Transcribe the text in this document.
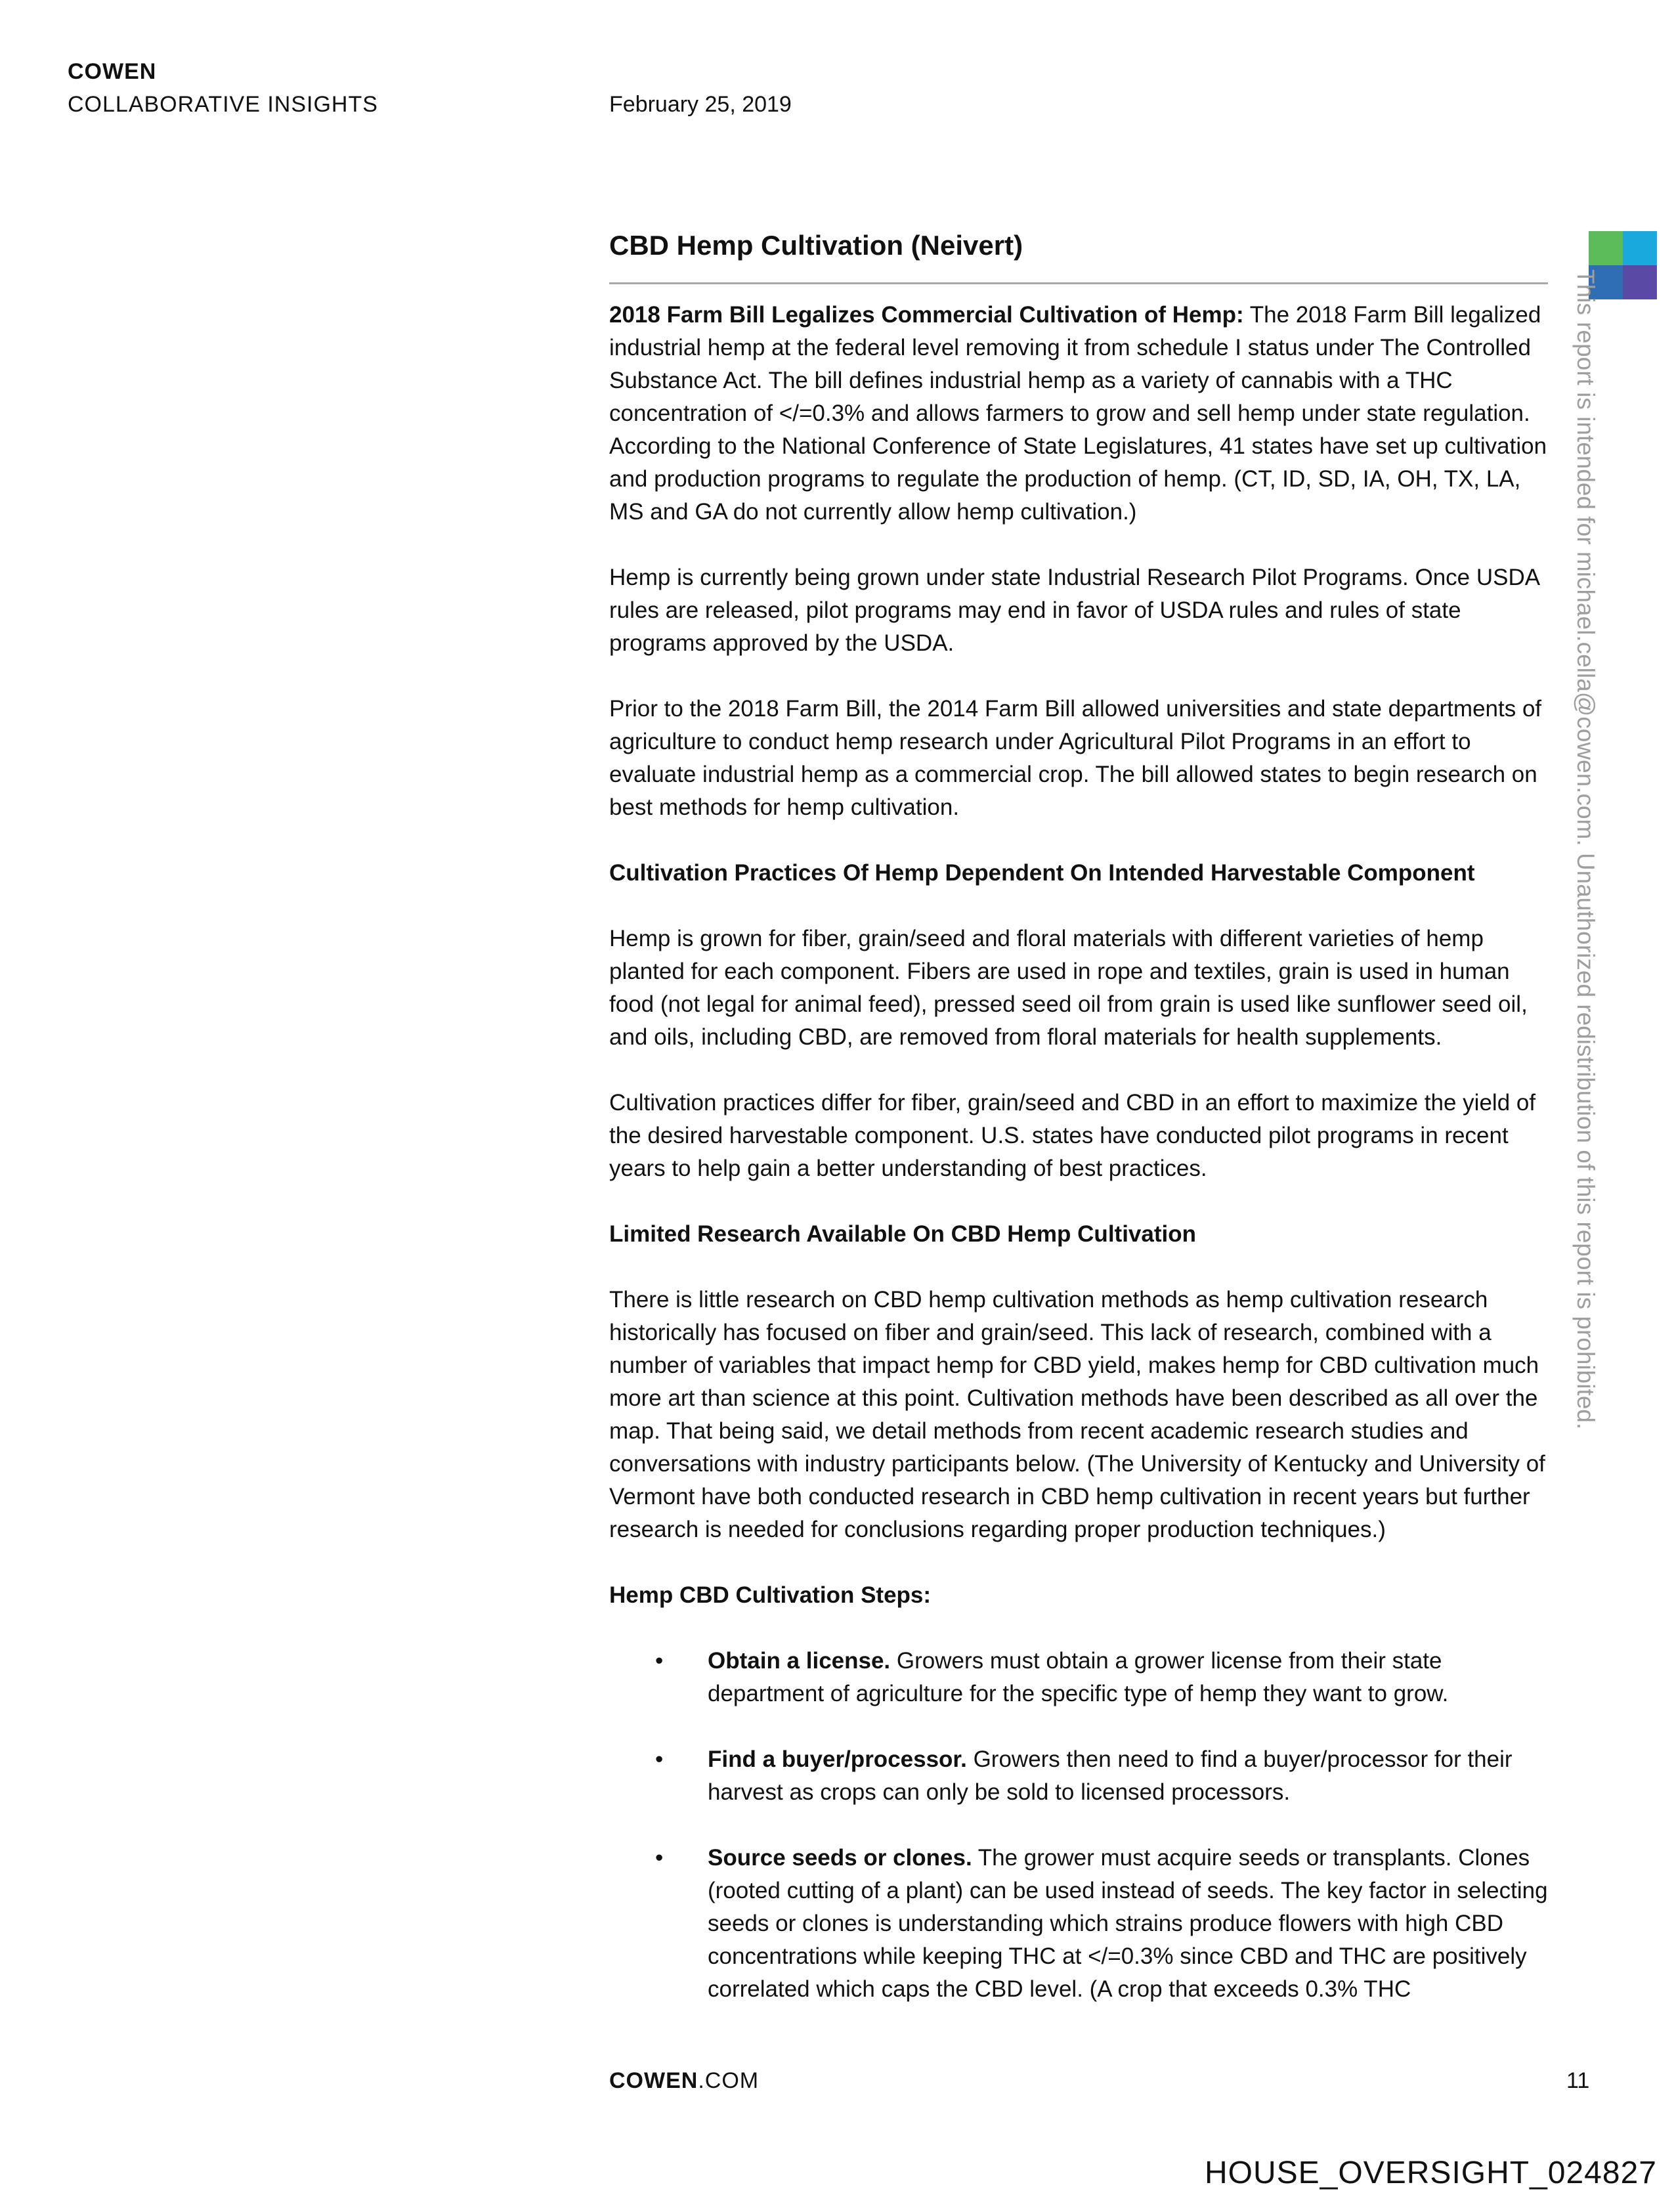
COWEN
COLLABORATIVE INSIGHTS	February 25, 2019
CBD Hemp Cultivation (Neivert)
This report is intended for michael.cella@cowen.com. Unauthorized redistribution of this report is prohibited.

2018 Farm Bill Legalizes Commercial Cultivation of Hemp: The 2018 Farm Bill legalized industrial hemp at the federal level removing it from schedule I status under The Controlled Substance Act. The bill defines industrial hemp as a variety of cannabis with a THC concentration of </=0.3% and allows farmers to grow and sell hemp under state regulation. According to the National Conference of State Legislatures, 41 states have set up cultivation and production programs to regulate the production of hemp. (CT, ID, SD, IA, OH, TX, LA, MS and GA do not currently allow hemp cultivation.)

Hemp is currently being grown under state Industrial Research Pilot Programs. Once USDA rules are released, pilot programs may end in favor of USDA rules and rules of state programs approved by the USDA.

Prior to the 2018 Farm Bill, the 2014 Farm Bill allowed universities and state departments of agriculture to conduct hemp research under Agricultural Pilot Programs in an effort to evaluate industrial hemp as a commercial crop. The bill allowed states to begin research on best methods for hemp cultivation.

Cultivation Practices Of Hemp Dependent On Intended Harvestable Component

Hemp is grown for fiber, grain/seed and floral materials with different varieties of hemp planted for each component. Fibers are used in rope and textiles, grain is used in human food (not legal for animal feed), pressed seed oil from grain is used like sunflower seed oil, and oils, including CBD, are removed from floral materials for health supplements.

Cultivation practices differ for fiber, grain/seed and CBD in an effort to maximize the yield of the desired harvestable component. U.S. states have conducted pilot programs in recent years to help gain a better understanding of best practices.

Limited Research Available On CBD Hemp Cultivation

There is little research on CBD hemp cultivation methods as hemp cultivation research historically has focused on fiber and grain/seed. This lack of research, combined with a number of variables that impact hemp for CBD yield, makes hemp for CBD cultivation much more art than science at this point. Cultivation methods have been described as all over the map. That being said, we detail methods from recent academic research studies and conversations with industry participants below. (The University of Kentucky and University of Vermont have both conducted research in CBD hemp cultivation in recent years but further research is needed for conclusions regarding proper production techniques.)

Hemp CBD Cultivation Steps:
• Obtain a license. Growers must obtain a grower license from their state department of agriculture for the specific type of hemp they want to grow.
• Find a buyer/processor. Growers then need to find a buyer/processor for their harvest as crops can only be sold to licensed processors.
• Source seeds or clones. The grower must acquire seeds or transplants. Clones (rooted cutting of a plant) can be used instead of seeds. The key factor in selecting seeds or clones is understanding which strains produce flowers with high CBD concentrations while keeping THC at </=0.3% since CBD and THC are positively correlated which caps the CBD level. (A crop that exceeds 0.3% THC
COWEN.COM	11
HOUSE_OVERSIGHT_024827
